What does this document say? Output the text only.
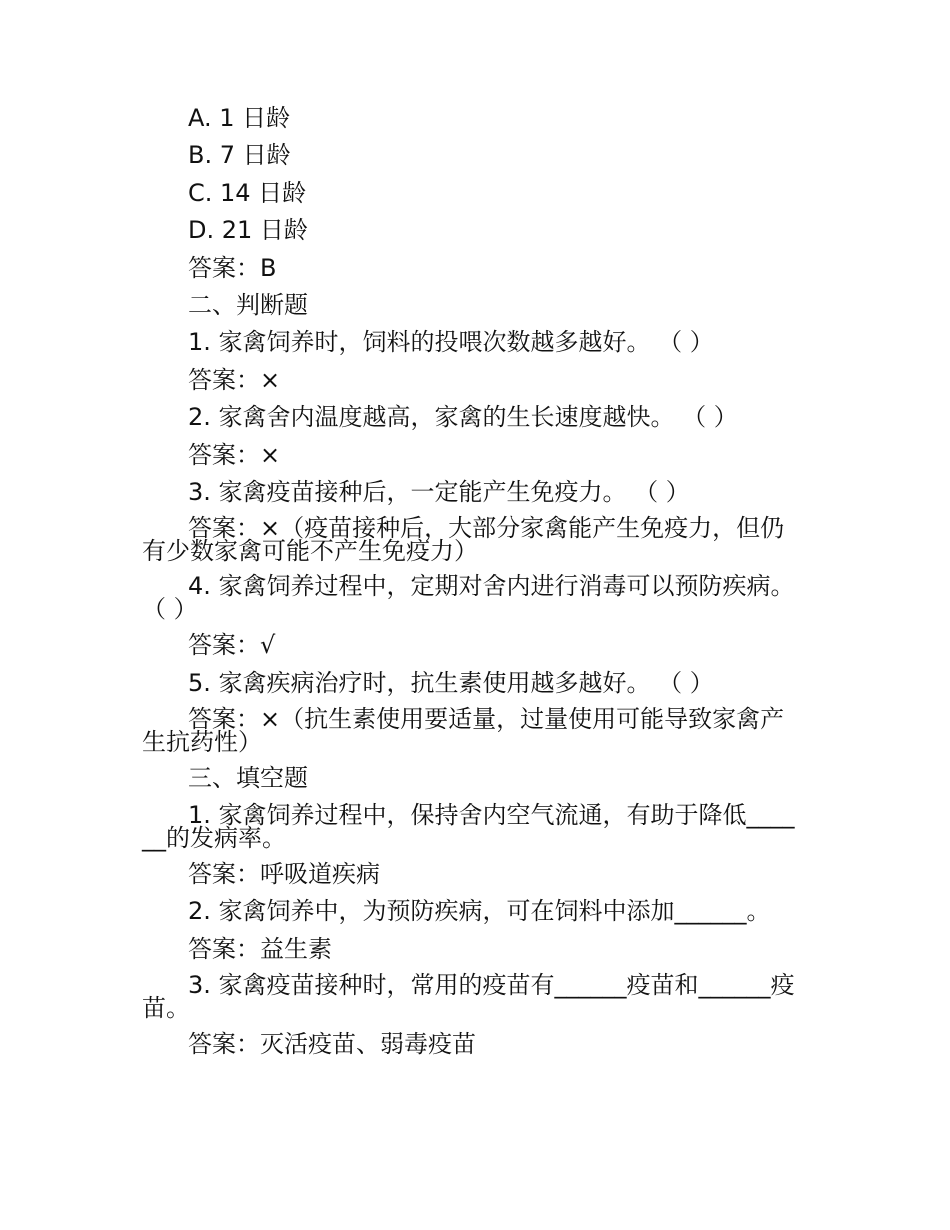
A. 1 日龄

B. 7 日龄

C. 14 日龄

D. 21 日龄

答案：B

二、判断题

1. 家禽饲养时，饲料的投喂次数越多越好。 （ ）

答案：×

2. 家禽舍内温度越高，家禽的生长速度越快。 （ ）

答案：×

3. 家禽疫苗接种后，一定能产生免疫力。 （ ）

答案：×（疫苗接种后，大部分家禽能产生免疫力，但仍有少数家禽可能不产生免疫力）

4. 家禽饲养过程中，定期对舍内进行消毒可以预防疾病。（ ）

答案：√

5. 家禽疾病治疗时，抗生素使用越多越好。 （ ）

答案：×（抗生素使用要适量，过量使用可能导致家禽产生抗药性）

三、填空题

1. 家禽饲养过程中，保持舍内空气流通，有助于降低______的发病率。

答案：呼吸道疾病

2. 家禽饲养中，为预防疾病，可在饲料中添加______。

答案：益生素

3. 家禽疫苗接种时，常用的疫苗有______疫苗和______疫苗。

答案：灭活疫苗、弱毒疫苗
